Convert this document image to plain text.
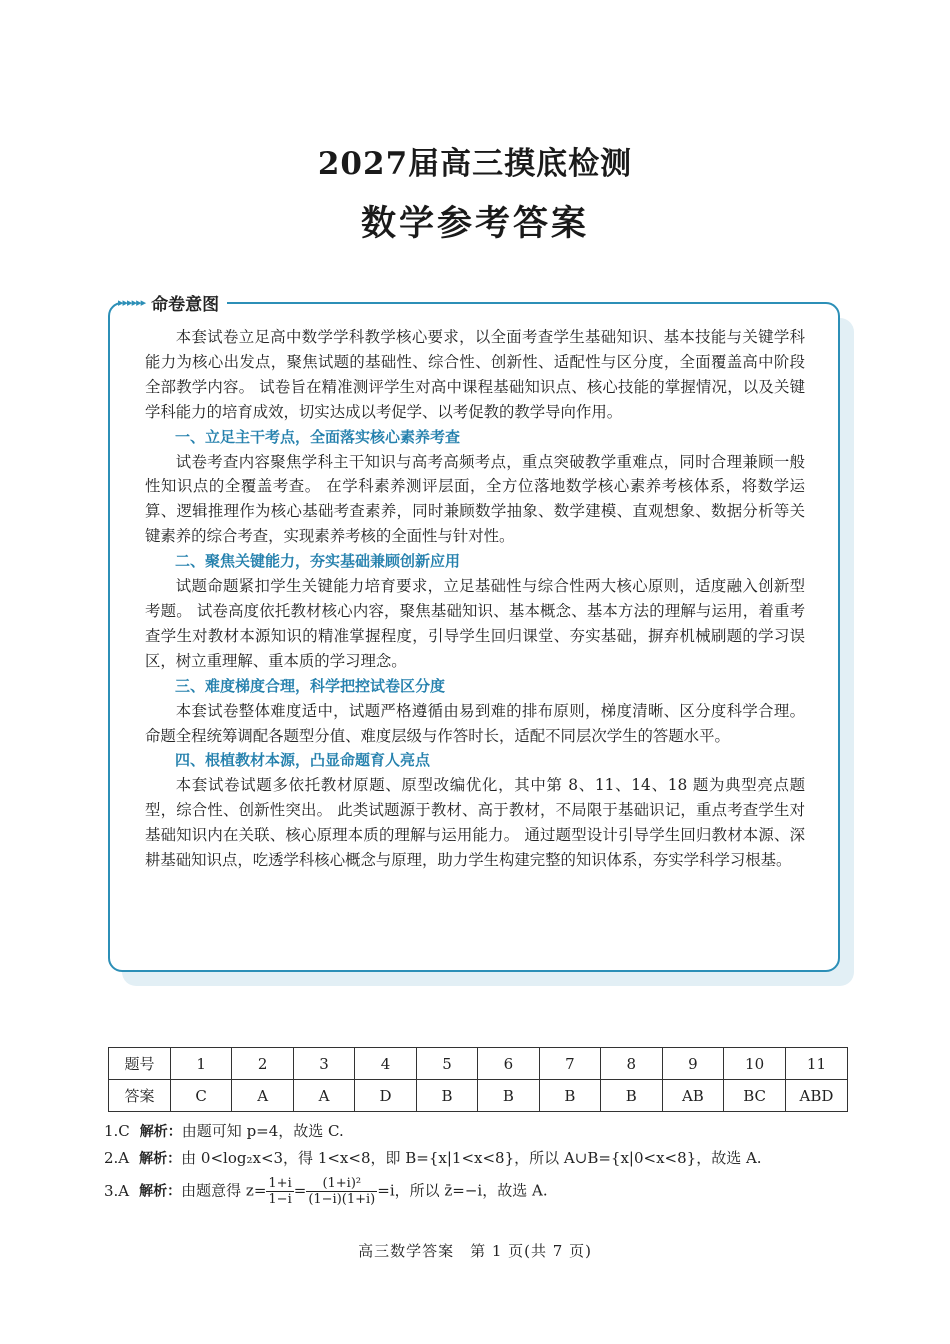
2027届高三摸底检测
数学参考答案
▸▸▸▸▸▸ 命卷意图

本套试卷立足高中数学学科教学核心要求，以全面考查学生基础知识、基本技能与关键学科能力为核心出发点，聚焦试题的基础性、综合性、创新性、适配性与区分度，全面覆盖高中阶段全部教学内容。 试卷旨在精准测评学生对高中课程基础知识点、核心技能的掌握情况，以及关键学科能力的培育成效，切实达成以考促学、以考促教的教学导向作用。

一、立足主干考点，全面落实核心素养考查

试卷考查内容聚焦学科主干知识与高考高频考点，重点突破教学重难点，同时合理兼顾一般性知识点的全覆盖考查。 在学科素养测评层面，全方位落地数学核心素养考核体系，将数学运算、逻辑推理作为核心基础考查素养，同时兼顾数学抽象、数学建模、直观想象、数据分析等关键素养的综合考查，实现素养考核的全面性与针对性。

二、聚焦关键能力，夯实基础兼顾创新应用

试题命题紧扣学生关键能力培育要求，立足基础性与综合性两大核心原则，适度融入创新型考题。 试卷高度依托教材核心内容，聚焦基础知识、基本概念、基本方法的理解与运用，着重考查学生对教材本源知识的精准掌握程度，引导学生回归课堂、夯实基础，摒弃机械刷题的学习误区，树立重理解、重本质的学习理念。

三、难度梯度合理，科学把控试卷区分度

本套试卷整体难度适中，试题严格遵循由易到难的排布原则，梯度清晰、区分度科学合理。 命题全程统筹调配各题型分值、难度层级与作答时长，适配不同层次学生的答题水平。

四、根植教材本源，凸显命题育人亮点

本套试卷试题多依托教材原题、原型改编优化，其中第 8、11、14、18 题为典型亮点题型，综合性、创新性突出。 此类试题源于教材、高于教材，不局限于基础识记，重点考查学生对基础知识内在关联、核心原理本质的理解与运用能力。 通过题型设计引导学生回归教材本源、深耕基础知识点，吃透学科核心概念与原理，助力学生构建完整的知识体系，夯实学科学习根基。

题号	1	2	3	4	5	6	7	8	9	10	11
答案	C	A	A	D	B	B	B	B	AB	BC	ABD
1.C 解析：由题可知 p=4，故选 C.
2.A 解析：由 0<log₂x<3，得 1<x<8，即 B={x|1<x<8}，所以 A∪B={x|0<x<8}，故选 A.
3.A 解析：由题意得 $z= \frac{1+i}{1-i} = \frac{\text{(1+i)²}}{(1-i)(1+i)} =i$，所以 z̄=−i，故选 A.
高三数学答案　第 1 页(共 7 页)
